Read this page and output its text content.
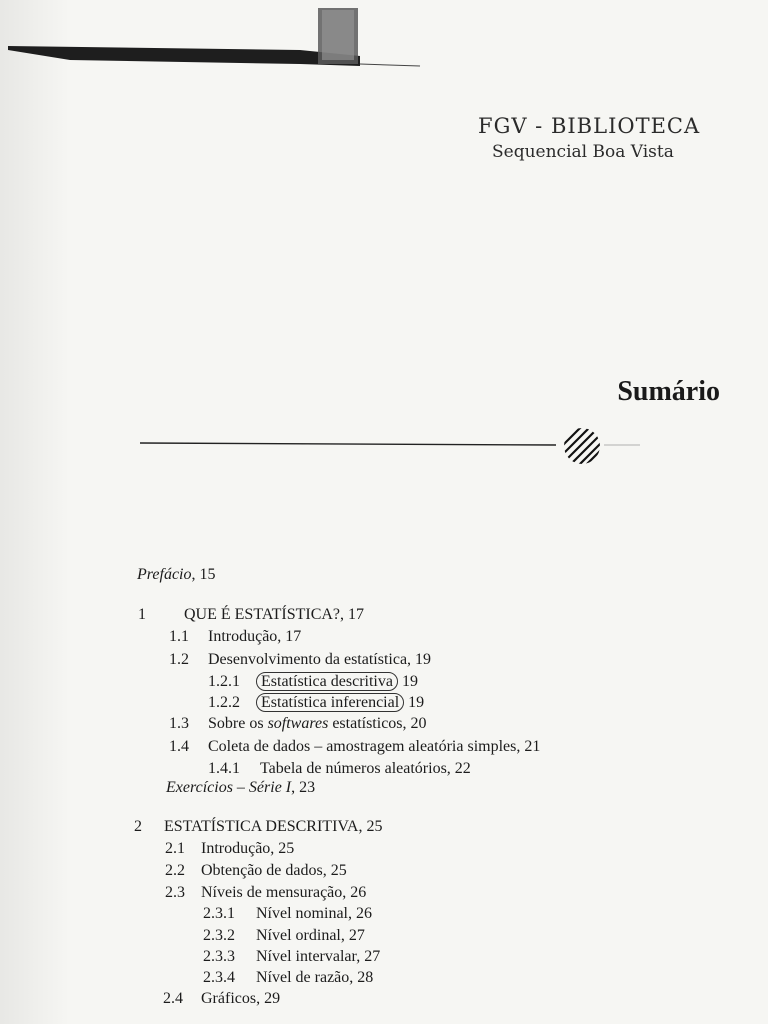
FGV - BIBLIOTECA
Sequencial Boa Vista
Sumário
Prefácio, 15
1 QUE É ESTATÍSTICA?, 17
1.1 Introdução, 17
1.2 Desenvolvimento da estatística, 19
1.2.1 Estatística descritiva 19
1.2.2 Estatística inferencial 19
1.3 Sobre os softwares estatísticos, 20
1.4 Coleta de dados – amostragem aleatória simples, 21
1.4.1 Tabela de números aleatórios, 22
Exercícios – Série I, 23
2 ESTATÍSTICA DESCRITIVA, 25
2.1 Introdução, 25
2.2 Obtenção de dados, 25
2.3 Níveis de mensuração, 26
2.3.1 Nível nominal, 26
2.3.2 Nível ordinal, 27
2.3.3 Nível intervalar, 27
2.3.4 Nível de razão, 28
2.4 Gráficos, 29
